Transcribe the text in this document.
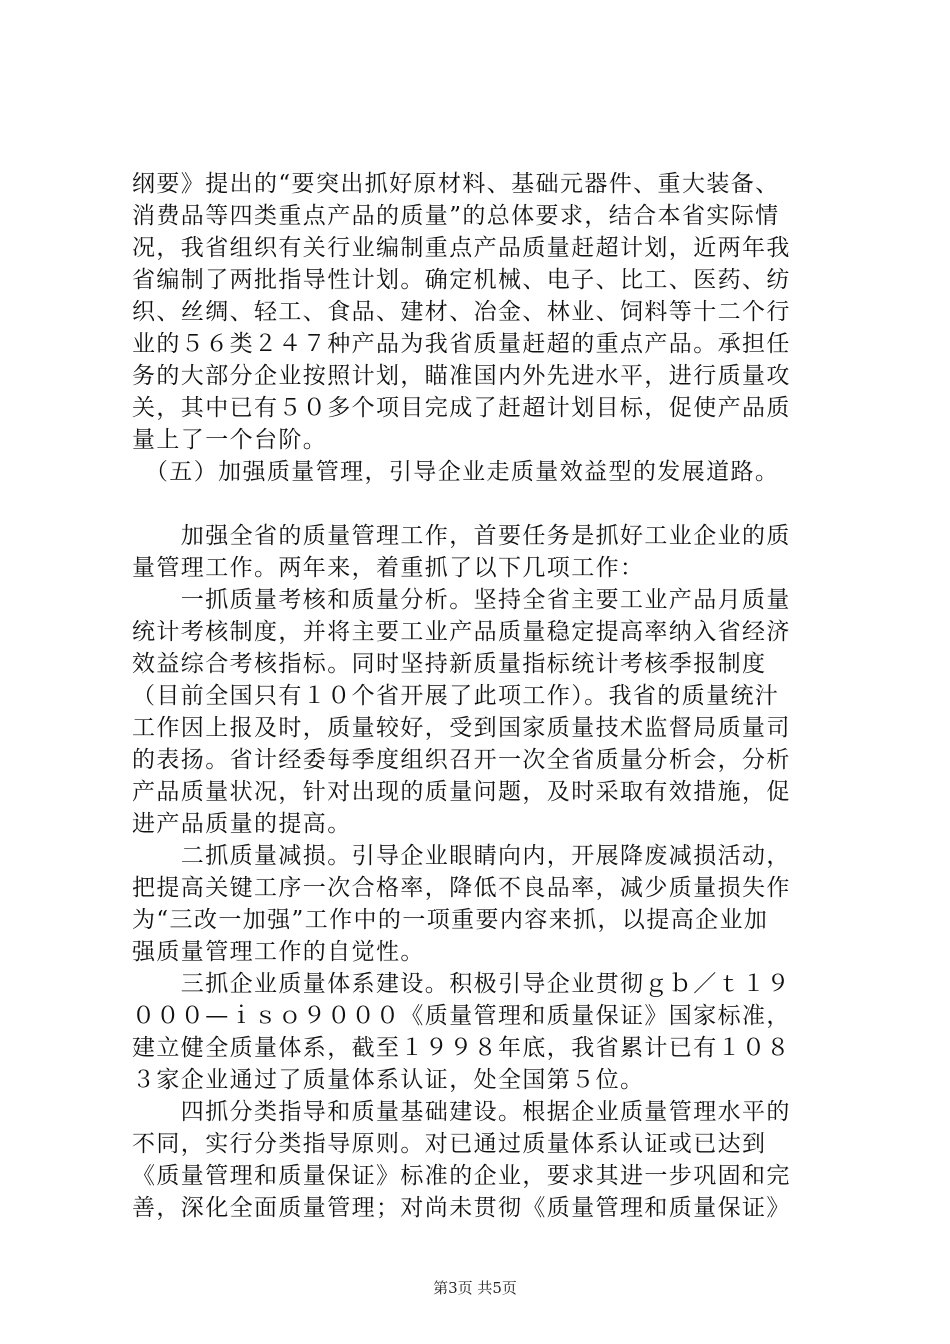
纲要》提出的“要突出抓好原材料、基础元器件、重大装备、
消费品等四类重点产品的质量”的总体要求，结合本省实际情
况，我省组织有关行业编制重点产品质量赶超计划，近两年我
省编制了两批指导性计划。确定机械、电子、比工、医药、纺
织、丝绸、轻工、食品、建材、冶金、林业、饲料等十二个行
业的５６类２４７种产品为我省质量赶超的重点产品。承担任
务的大部分企业按照计划，瞄准国内外先进水平，进行质量攻
关，其中已有５０多个项目完成了赶超计划目标，促使产品质
量上了一个台阶。
　（五）加强质量管理，引导企业走质量效益型的发展道路。
　　加强全省的质量管理工作，首要任务是抓好工业企业的质
量管理工作。两年来，着重抓了以下几项工作：
　　一抓质量考核和质量分析。坚持全省主要工业产品月质量
统计考核制度，并将主要工业产品质量稳定提高率纳入省经济
效益综合考核指标。同时坚持新质量指标统计考核季报制度
（目前全国只有１０个省开展了此项工作）。我省的质量统汁
工作因上报及时，质量较好，受到国家质量技术监督局质量司
的表扬。省计经委每季度组织召开一次全省质量分析会，分析
产品质量状况，针对出现的质量问题，及时采取有效措施，促
进产品质量的提高。
　　二抓质量减损。引导企业眼睛向内，开展降废减损活动，
把提高关键工序一次合格率，降低不良品率，减少质量损失作
为“三改一加强”工作中的一项重要内容来抓，以提高企业加
强质量管理工作的自觉性。
　　三抓企业质量体系建设。积极引导企业贯彻ｇｂ／ｔ１９
０００—ｉｓｏ９０００《质量管理和质量保证》国家标准，
建立健全质量体系，截至１９９８年底，我省累计已有１０８
３家企业通过了质量体系认证，处全国第５位。
　　四抓分类指导和质量基础建设。根据企业质量管理水平的
不同，实行分类指导原则。对已通过质量体系认证或已达到
《质量管理和质量保证》标准的企业，要求其进一步巩固和完
善，深化全面质量管理；对尚未贯彻《质量管理和质量保证》
第3页 共5页
